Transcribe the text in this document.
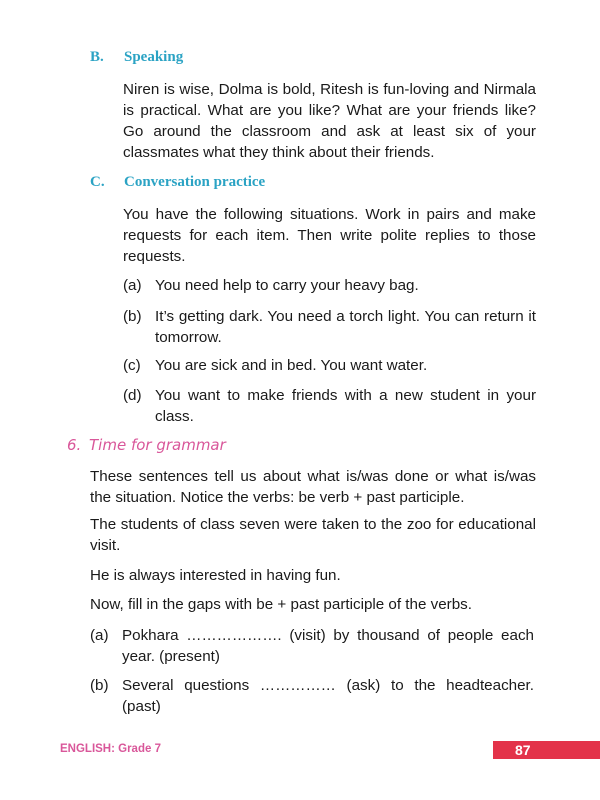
B. Speaking
Niren is wise, Dolma is bold, Ritesh is fun-loving and Nirmala is practical. What are you like? What are your friends like? Go around the classroom and ask at least six of your classmates what they think about their friends.
C. Conversation practice
You have the following situations. Work in pairs and make requests for each item. Then write polite replies to those requests.
(a) You need help to carry your heavy bag.
(b) It’s getting dark. You need a torch light. You can return it tomorrow.
(c) You are sick and in bed. You want water.
(d) You want to make friends with a new student in your class.
6. Time for grammar
These sentences tell us about what is/was done or what is/was the situation. Notice the verbs: be verb + past participle.
The students of class seven were taken to the zoo for educational visit.
He is always interested in having fun.
Now, fill in the gaps with be + past participle of the verbs.
(a) Pokhara ………………. (visit) by thousand of people each year. (present)
(b) Several questions …………… (ask) to the headteacher. (past)
ENGLISH: Grade 7	87
